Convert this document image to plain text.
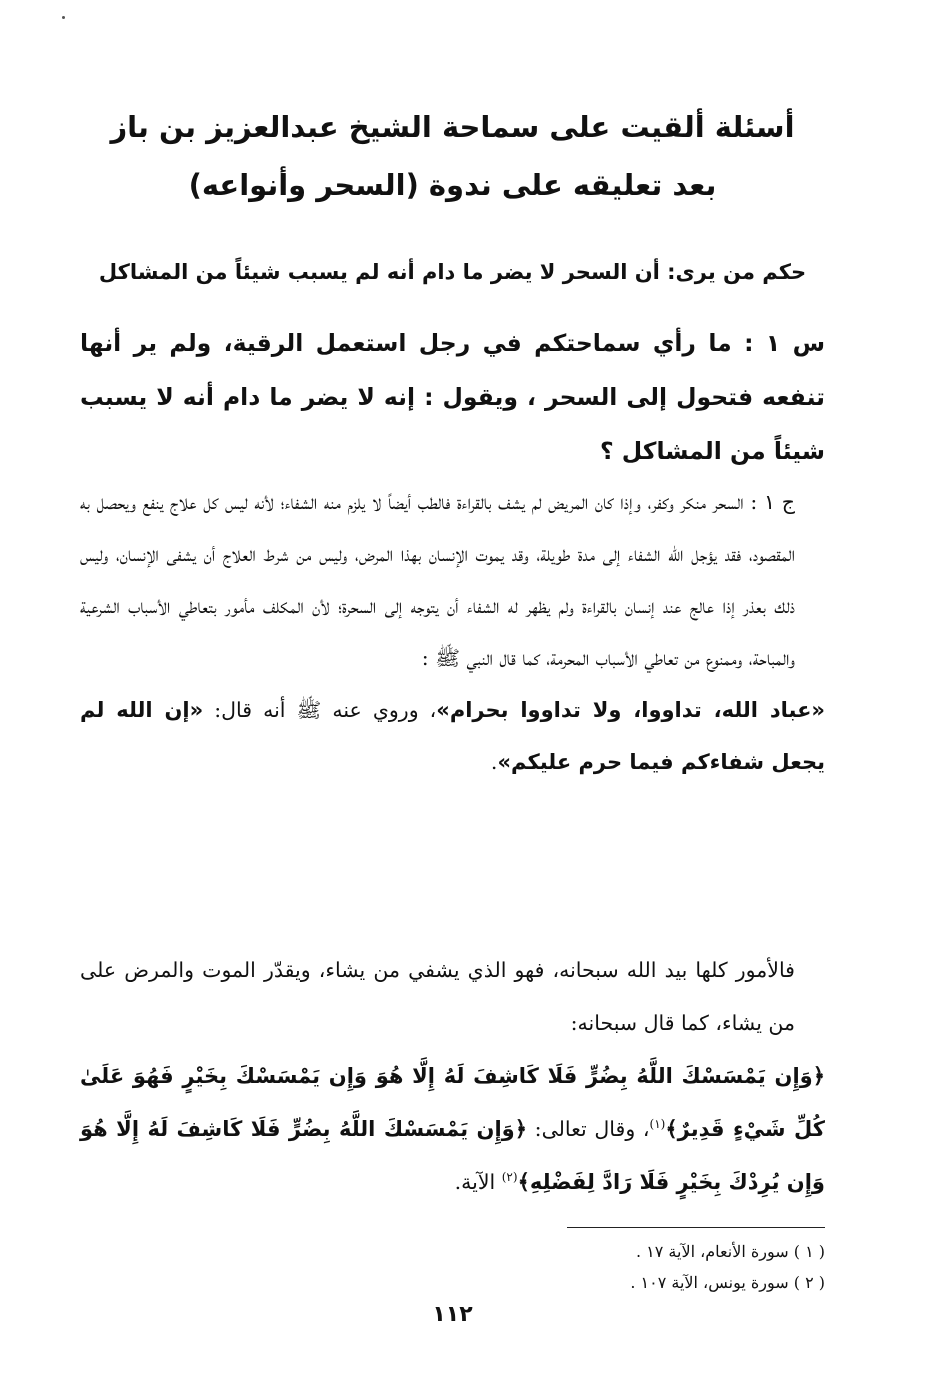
أسئلة ألقيت على سماحة الشيخ عبدالعزيز بن باز
بعد تعليقه على ندوة (السحر وأنواعه)
حكم من يرى: أن السحر لا يضر ما دام أنه لم يسبب شيئاً من المشاكل

س ١ : ما رأي سماحتكم في رجل استعمل الرقية، ولم ير أنها تنفعه فتحول إلى السحر ، ويقول : إنه لا يضر ما دام أنه لا يسبب شيئاً من المشاكل ؟

ج ١ : السحر منكر وكفر، وإذا كان المريض لم يشف بالقراءة فالطب أيضاً لا يلزم منه الشفاء؛ لأنه ليس كل علاج ينفع ويحصل به المقصود، فقد يؤجل الله الشفاء إلى مدة طويلة، وقد يموت الإنسان بهذا المرض، وليس من شرط العلاج أن يشفى الإنسان، وليس ذلك بعذر إذا عالج عند إنسان بالقراءة ولم يظهر له الشفاء أن يتوجه إلى السحرة؛ لأن المكلف مأمور بتعاطي الأسباب الشرعية والمباحة، وممنوع من تعاطي الأسباب المحرمة، كما قال النبي ﷺ :«عباد الله، تداووا، ولا تداووا بحرام»، وروي عنه ﷺ أنه قال: «إن الله لم يجعل شفاءكم فيما حرم عليكم».

فالأمور كلها بيد الله سبحانه، فهو الذي يشفي من يشاء، ويقدّر الموت والمرض على من يشاء، كما قال سبحانه:﴿وَإِن يَمْسَسْكَ اللَّهُ بِضُرٍّ فَلَا كَاشِفَ لَهُ إِلَّا هُوَ وَإِن يَمْسَسْكَ بِخَيْرٍ فَهُوَ عَلَىٰ كُلِّ شَيْءٍ قَدِيرٌ﴾$^{(١)}$، وقال تعالى: ﴿وَإِن يَمْسَسْكَ اللَّهُ بِضُرٍّ فَلَا كَاشِفَ لَهُ إِلَّا هُوَ وَإِن يُرِدْكَ بِخَيْرٍ فَلَا رَادَّ لِفَضْلِهِ﴾$^{(٢)}$ الآية.

( ١ ) سورة الأنعام، الآية ١٧ .
( ٢ ) سورة يونس، الآية ١٠٧ .
١١٢
